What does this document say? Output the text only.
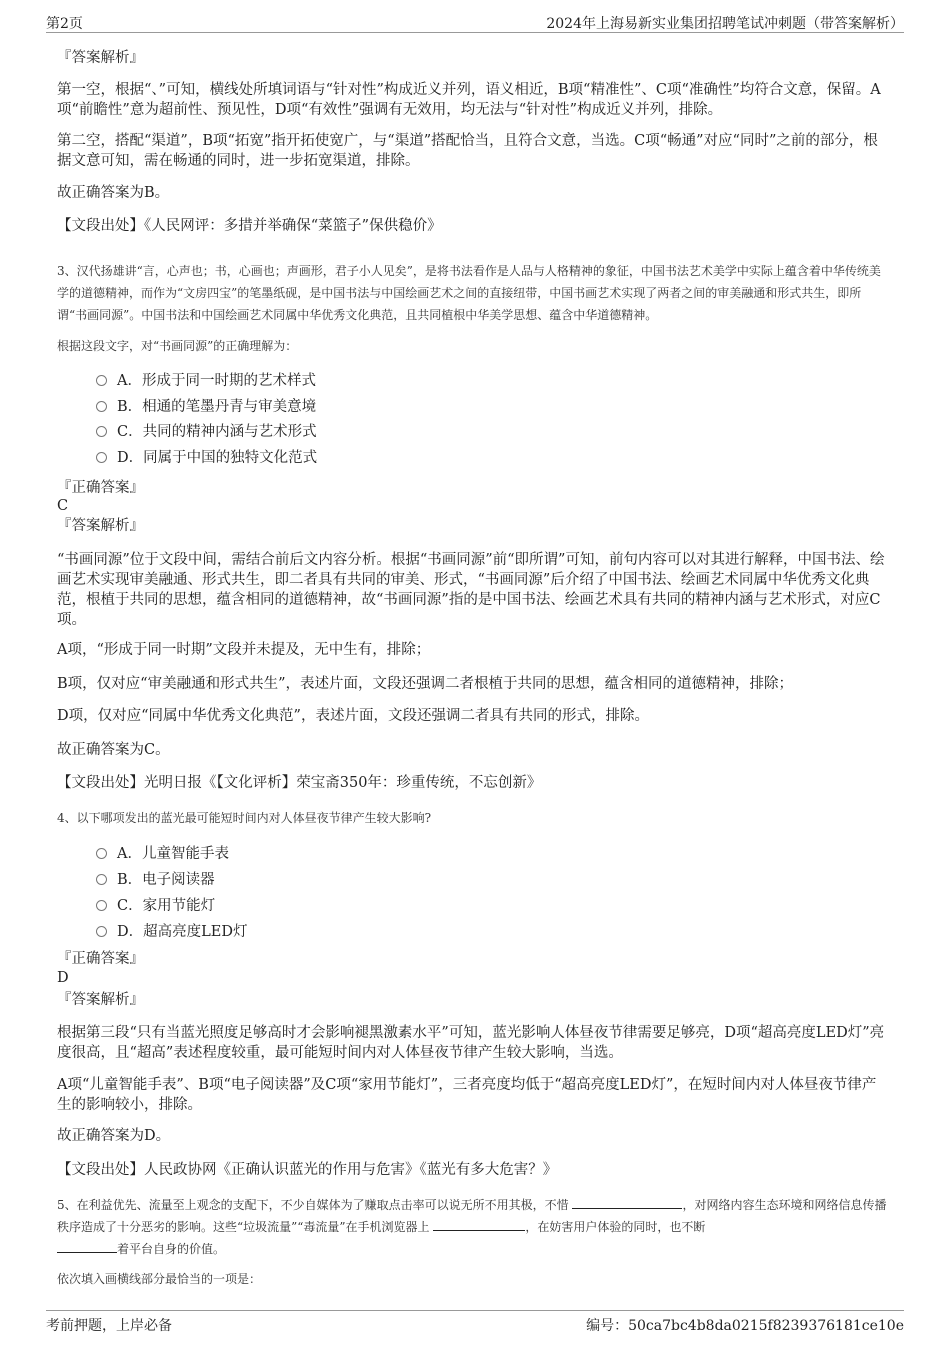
第2页	2024年上海易新实业集团招聘笔试冲刺题（带答案解析）
『答案解析』
第一空，根据“、”可知，横线处所填词语与“针对性”构成近义并列，语义相近，B项“精准性”、C项“准确性”均符合文意，保留。A项“前瞻性”意为超前性、预见性，D项“有效性”强调有无效用，均无法与“针对性”构成近义并列，排除。
第二空，搭配“渠道”，B项“拓宽”指开拓使宽广，与“渠道”搭配恰当，且符合文意，当选。C项“畅通”对应“同时”之前的部分，根据文意可知，需在畅通的同时，进一步拓宽渠道，排除。
故正确答案为B。
【文段出处】《人民网评：多措并举确保“菜篮子”保供稳价》
3、汉代扬雄讲“言，心声也；书，心画也；声画形，君子小人见矣”，是将书法看作是人品与人格精神的象征，中国书法艺术美学中实际上蕴含着中华传统美学的道德精神，而作为“文房四宝”的笔墨纸砚，是中国书法与中国绘画艺术之间的直接纽带，中国书画艺术实现了两者之间的审美融通和形式共生，即所谓“书画同源”。中国书法和中国绘画艺术同属中华优秀文化典范，且共同植根中华美学思想、蕴含中华道德精神。
根据这段文字，对“书画同源”的正确理解为：
A．形成于同一时期的艺术样式
B．相通的笔墨丹青与审美意境
C．共同的精神内涵与艺术形式
D．同属于中国的独特文化范式
『正确答案』
C
『答案解析』
“书画同源”位于文段中间，需结合前后文内容分析。根据“书画同源”前“即所谓”可知，前句内容可以对其进行解释，中国书法、绘画艺术实现审美融通、形式共生，即二者具有共同的审美、形式，“书画同源”后介绍了中国书法、绘画艺术同属中华优秀文化典范，根植于共同的思想，蕴含相同的道德精神，故“书画同源”指的是中国书法、绘画艺术具有共同的精神内涵与艺术形式，对应C项。
A项，“形成于同一时期”文段并未提及，无中生有，排除；
B项，仅对应“审美融通和形式共生”，表述片面，文段还强调二者根植于共同的思想，蕴含相同的道德精神，排除；
D项，仅对应“同属中华优秀文化典范”，表述片面，文段还强调二者具有共同的形式，排除。
故正确答案为C。
【文段出处】光明日报《【文化评析】荣宝斋350年：珍重传统，不忘创新》
4、以下哪项发出的蓝光最可能短时间内对人体昼夜节律产生较大影响?
A．儿童智能手表
B．电子阅读器
C．家用节能灯
D．超高亮度LED灯
『正确答案』
D
『答案解析』
根据第三段“只有当蓝光照度足够高时才会影响褪黑激素水平”可知，蓝光影响人体昼夜节律需要足够亮，D项“超高亮度LED灯”亮度很高，且“超高”表述程度较重，最可能短时间内对人体昼夜节律产生较大影响，当选。
A项“儿童智能手表”、B项“电子阅读器”及C项“家用节能灯”，三者亮度均低于“超高亮度LED灯”，在短时间内对人体昼夜节律产生的影响较小，排除。
故正确答案为D。
【文段出处】人民政协网《正确认识蓝光的作用与危害》《蓝光有多大危害？》
5、在利益优先、流量至上观念的支配下，不少自媒体为了赚取点击率可以说无所不用其极，不惜	，对网络内容生态环境和网络信息传播秩序造成了十分恶劣的影响。这些“垃圾流量”“毒流量”在手机浏览器上	，在妨害用户体验的同时，也不断
着平台自身的价值。
依次填入画横线部分最恰当的一项是：
考前押题，上岸必备	编号：50ca7bc4b8da0215f8239376181ce10e
